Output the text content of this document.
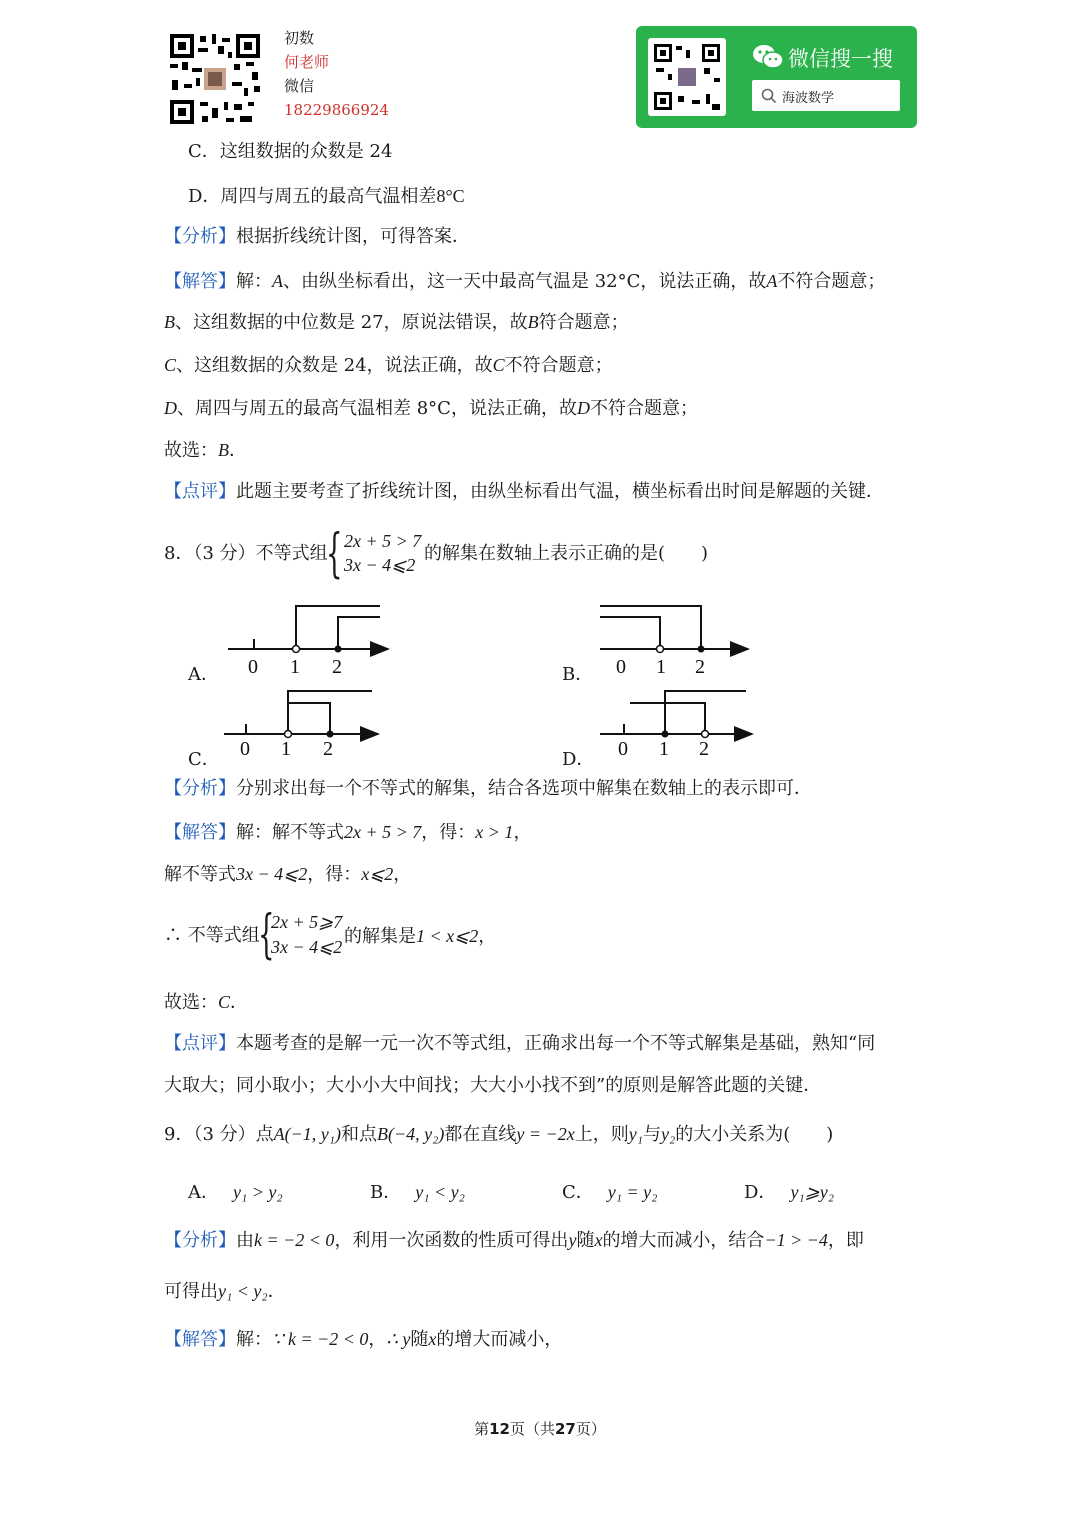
初数
何老师
微信
18229866924
微信搜一搜
海波数学
C．这组数据的众数是 24
D．周四与周五的最高气温相差8°C
【分析】根据折线统计图，可得答案．
【解答】解：A、由纵坐标看出，这一天中最高气温是 32°C，说法正确，故A不符合题意；
B、这组数据的中位数是 27，原说法错误，故B符合题意；
C、这组数据的众数是 24，说法正确，故C不符合题意；
D、周四与周五的最高气温相差 8°C，说法正确，故D不符合题意；
故选：B．
【点评】此题主要考查了折线统计图，由纵坐标看出气温，横坐标看出时间是解题的关键．
8．（3 分）不等式组
{ 2x + 5 > 7
3x − 4⩽2
的解集在数轴上表示正确的是(　　)
0 1 2	0 1 2
0 1 2	0 1 2
A．	B．
C．	D．
【分析】分别求出每一个不等式的解集，结合各选项中解集在数轴上的表示即可．
【解答】解：解不等式2x + 5 > 7，得：x > 1，
解不等式3x − 4⩽2，得：x⩽2，
∴ 不等式组
{
2x + 5⩾7
3x − 4⩽2 的解集是1 < x⩽2，
故选：C．
【点评】本题考查的是解一元一次不等式组，正确求出每一个不等式解集是基础，熟知“同
大取大；同小取小；大小小大中间找；大大小小找不到”的原则是解答此题的关键．
9．（3 分）点A(−1, y₁)和点B(−4, y₂)都在直线y = −2x上，则y₁与y₂的大小关系为(　　)
A． y₁ > y₂	B． y₁ < y₂	C． y₁ = y₂	D． y₁⩾y₂
【分析】由k = −2 < 0，利用一次函数的性质可得出y随x的增大而减小，结合−1 > −4，即
可得出y₁ < y₂．
【解答】解：∵ k = −2 < 0，∴ y随x的增大而减小，
第12页（共27页）
